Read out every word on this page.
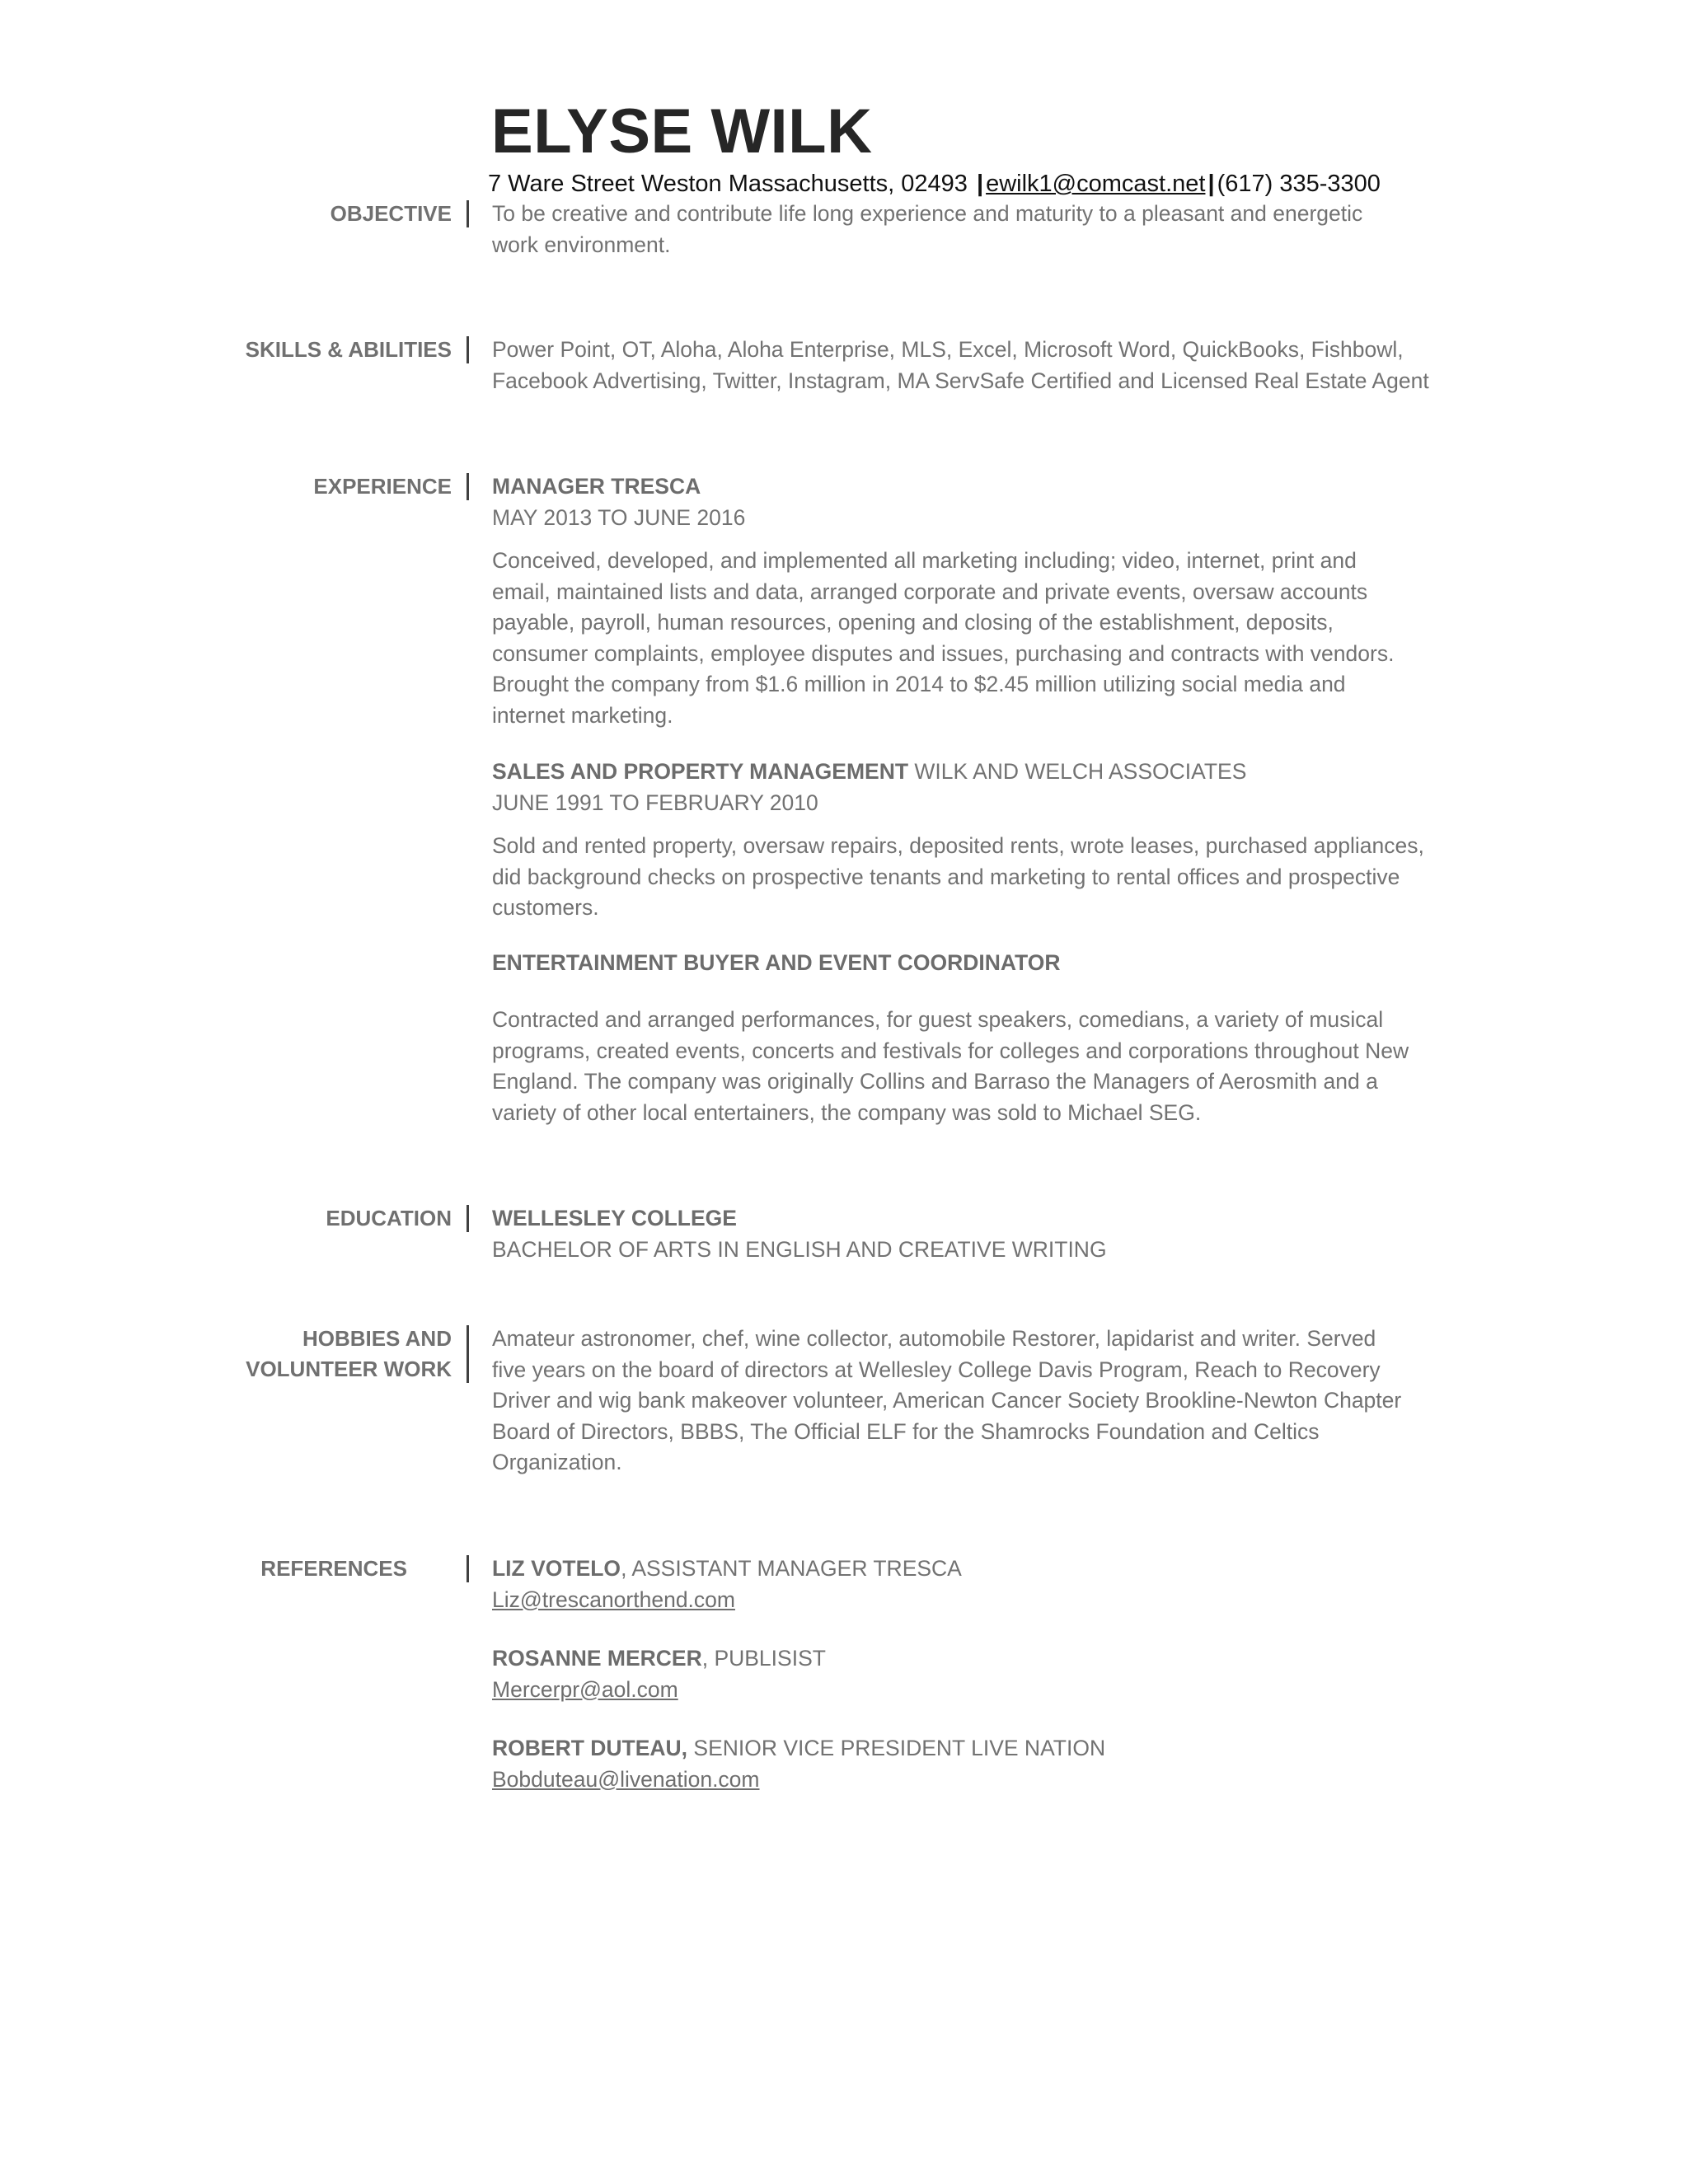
ELYSE WILK
7 Ware Street Weston Massachusetts, 02493 | ewilk1@comcast.net | (617) 335-3300
OBJECTIVE To be creative and contribute life long experience and maturity to a pleasant and energetic
work environment.
SKILLS & ABILITIES Power Point, OT, Aloha, Aloha Enterprise, MLS, Excel, Microsoft Word, QuickBooks, Fishbowl,
Facebook Advertising, Twitter, Instagram, MA ServSafe Certified and Licensed Real Estate Agent
EXPERIENCE MANAGER TRESCA
MAY 2013 TO JUNE 2016
Conceived, developed, and implemented all marketing including; video, internet, print and
email, maintained lists and data, arranged corporate and private events, oversaw accounts
payable, payroll, human resources, opening and closing of the establishment, deposits,
consumer complaints, employee disputes and issues, purchasing and contracts with vendors.
Brought the company from $1.6 million in 2014 to $2.45 million utilizing social media and
internet marketing.
SALES AND PROPERTY MANAGEMENT WILK AND WELCH ASSOCIATES
JUNE 1991 TO FEBRUARY 2010
Sold and rented property, oversaw repairs, deposited rents, wrote leases, purchased appliances,
did background checks on prospective tenants and marketing to rental offices and prospective
customers.
ENTERTAINMENT BUYER AND EVENT COORDINATOR
Contracted and arranged performances, for guest speakers, comedians, a variety of musical
programs, created events, concerts and festivals for colleges and corporations throughout New
England. The company was originally Collins and Barraso the Managers of Aerosmith and a
variety of other local entertainers, the company was sold to Michael SEG.
EDUCATION WELLESLEY COLLEGE
BACHELOR OF ARTS IN ENGLISH AND CREATIVE WRITING
HOBBIES AND
VOLUNTEER WORK
Amateur astronomer, chef, wine collector, automobile Restorer, lapidarist and writer. Served
five years on the board of directors at Wellesley College Davis Program, Reach to Recovery
Driver and wig bank makeover volunteer, American Cancer Society Brookline-Newton Chapter
Board of Directors, BBBS, The Official ELF for the Shamrocks Foundation and Celtics
Organization.
REFERENCES	LIZ VOTELO, ASSISTANT MANAGER TRESCA
Liz@trescanorthend.com
ROSANNE MERCER, PUBLISIST
Mercerpr@aol.com
ROBERT DUTEAU, SENIOR VICE PRESIDENT LIVE NATION
Bobduteau@livenation.com
